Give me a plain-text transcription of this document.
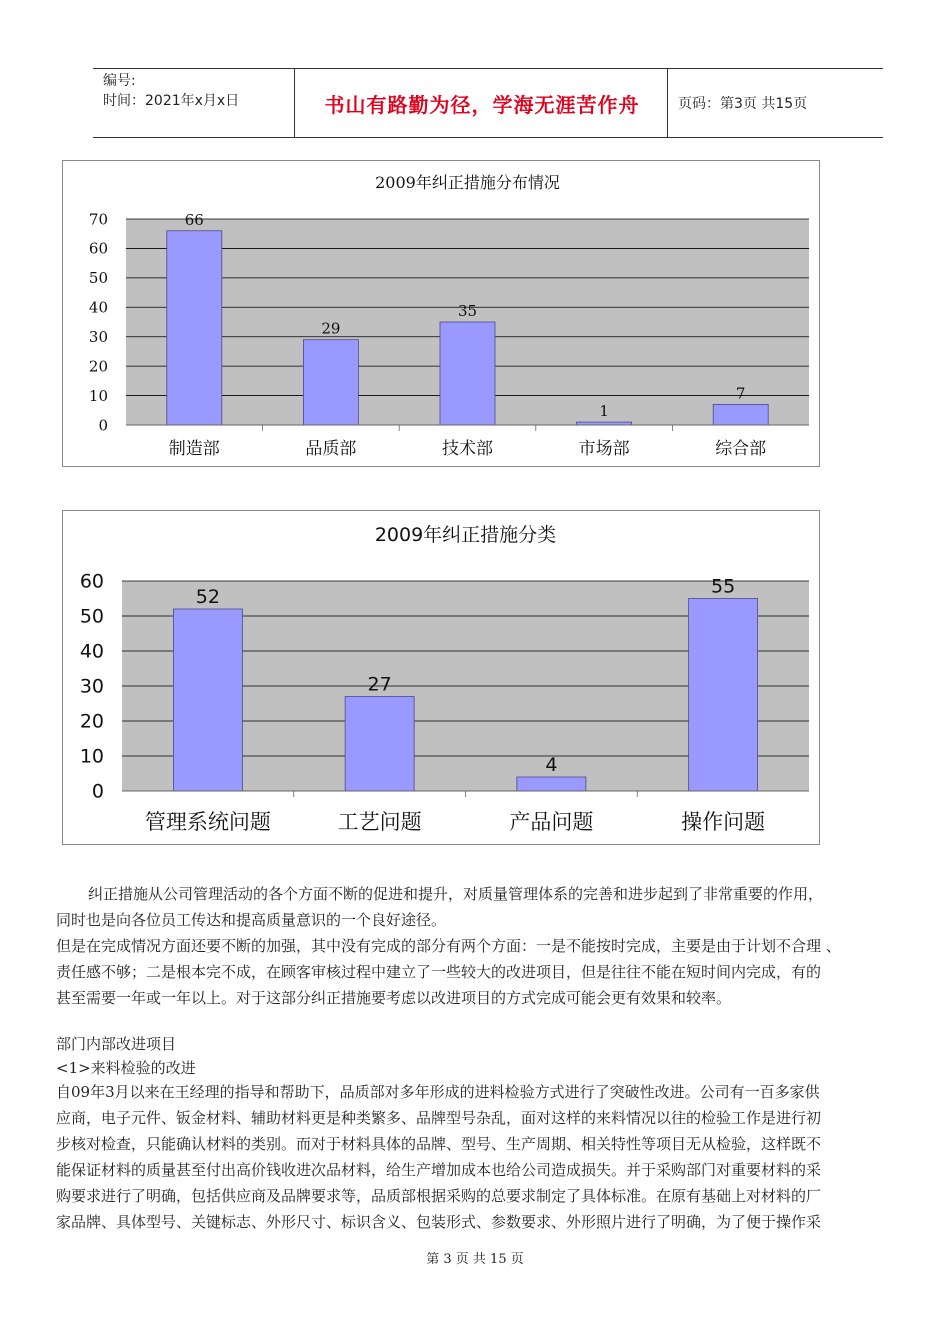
编号:
时间：2021年x月x日	书山有路勤为径，学海无涯苦作舟	页码：第3页 共15页
2009年纠正措施分布情况
0
10
20
30
40
50
60
70	66
制造部
29
品质部
35
技术部
1
市场部
7
综合部
2009年纠正措施分类
0
10
20
30
40
50
60
52
管理系统问题
27
工艺问题
4
产品问题
55
操作问题
纠正措施从公司管理活动的各个方面不断的促进和提升，对质量管理体系的完善和进步起到了非常重要的作用，
同时也是向各位员工传达和提高质量意识的一个良好途径。
但是在完成情况方面还要不断的加强，其中没有完成的部分有两个方面：一是不能按时完成，主要是由于计划不合理 、
责任感不够；二是根本完不成，在顾客审核过程中建立了一些较大的改进项目，但是往往不能在短时间内完成，有的
甚至需要一年或一年以上。对于这部分纠正措施要考虑以改进项目的方式完成可能会更有效果和较率。
部门内部改进项目
<1>来料检验的改进
自09年3月以来在王经理的指导和帮助下，品质部对多年形成的进料检验方式进行了突破性改进。公司有一百多家供
应商，电子元件、钣金材料、辅助材料更是种类繁多、品牌型号杂乱，面对这样的来料情况以往的检验工作是进行初
步核对检查，只能确认材料的类别。而对于材料具体的品牌、型号、生产周期、相关特性等项目无从检验，这样既不
能保证材料的质量甚至付出高价钱收进次品材料，给生产增加成本也给公司造成损失。并于采购部门对重要材料的采
购要求进行了明确，包括供应商及品牌要求等，品质部根据采购的总要求制定了具体标准。在原有基础上对材料的厂
家品牌、具体型号、关键标志、外形尺寸、标识含义、包装形式、参数要求、外形照片进行了明确，为了便于操作采
第 3 页 共 15 页
